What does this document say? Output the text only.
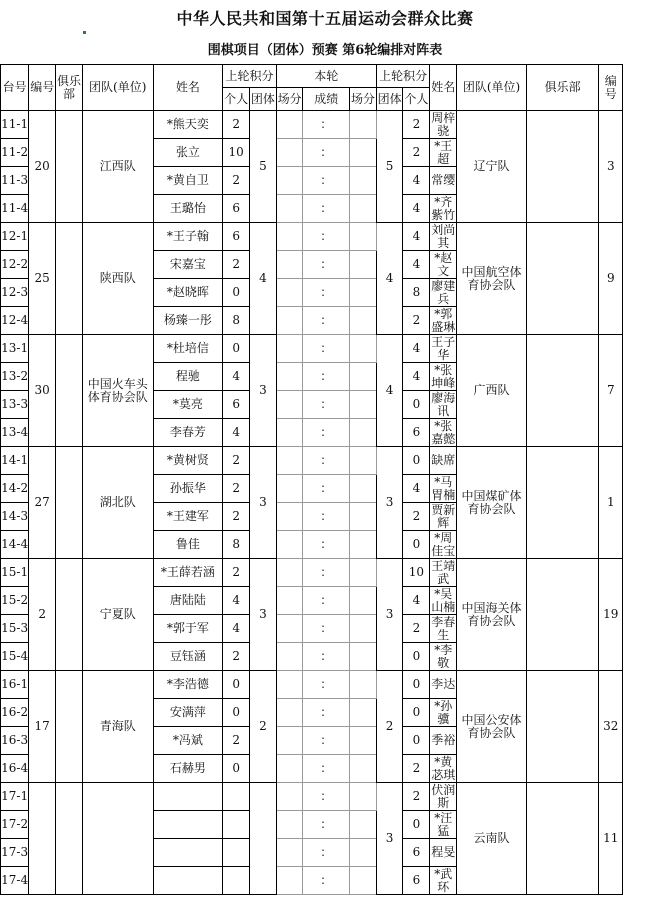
中华人民共和国第十五届运动会群众比赛
围棋项目（团体）预赛 第6轮编排对阵表
台号	编号	俱乐部	团队(单位)	姓名	上轮积分		本轮			上轮积分		姓名	团队(单位)	俱乐部	编号
					个人	团体	场分	成绩	场分	团体	个人				
11-1	20		江西队	*熊天奕	2	5		：		5	2	周梓骁	辽宁队		3
11-2				张立	10			：			2	*王超			
11-3				*黄自卫	2			：			4	常缨			
11-4				王璐怡	6			：			4	*齐紫竹			
12-1	25		陕西队	*王子翰	6	4		：		4	4	刘尚其	中国航空体育协会队		9
12-2				宋嘉宝	2			：			4	*赵文			
12-3				*赵晓晖	0			：			8	廖建兵			
12-4				杨臻一彤	8			：			2	*郭盛琳			
13-1	30		中国火车头体育协会队	*杜培信	0	3		：		4	4	王子华	广西队		7
13-2				程驰	4			：			4	*张坤峰			
13-3				*莫亮	6			：			0	廖海讯			
13-4				李春芳	4			：			6	*张嘉懿			
14-1	27		湖北队	*黄树贤	2	3		：		3	0	缺席	中国煤矿体育协会队		1
14-2				孙振华	2			：			4	*马胃楠			
14-3				*王建军	2			：			2	贾新辉			
14-4				鲁佳	8			：			0	*周佳宝			
15-1	2		宁夏队	*王薛若涵	2	3		：		3	10	王靖武	中国海关体育协会队		19
15-2				唐陆陆	4			：			4	*吴山楠			
15-3				*郭于军	4			：			2	李春生			
15-4				豆钰涵	2			：			0	*李敬			
16-1	17		青海队	*李浩德	0	2		：		2	0	李达	中国公安体育协会队		32
16-2				安满萍	0			：			0	*孙骥			
16-3				*冯斌	2			：			0	季裕			
16-4				石赫男	0			：			2	*黄苾琪			
17-1								：		3	2	伏润斯	云南队		11
17-2								：			0	*汪猛			
17-3								：			6	程旻			
17-4								：			6	*武环			
